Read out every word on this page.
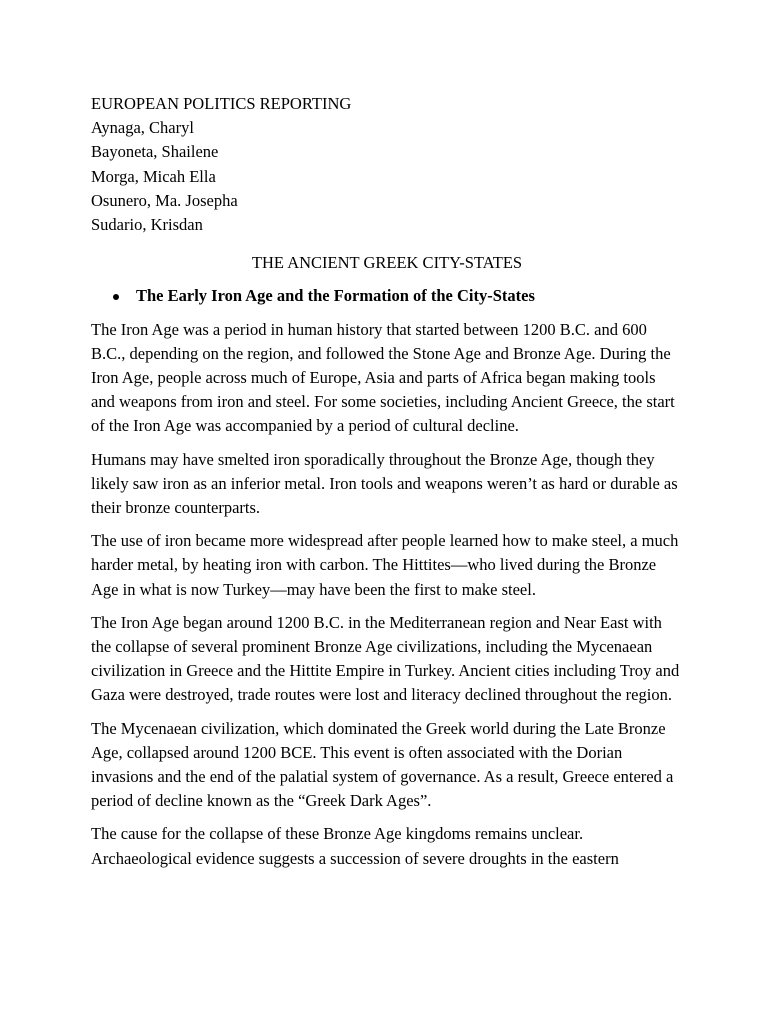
EUROPEAN POLITICS REPORTING

Aynaga, Charyl

Bayoneta, Shailene

Morga, Micah Ella

Osunero, Ma. Josepha

Sudario, Krisdan

THE ANCIENT GREEK CITY-STATES

The Early Iron Age and the Formation of the City-States

The Iron Age was a period in human history that started between 1200 B.C. and 600 B.C., depending on the region, and followed the Stone Age and Bronze Age. During the Iron Age, people across much of Europe, Asia and parts of Africa began making tools and weapons from iron and steel. For some societies, including Ancient Greece, the start of the Iron Age was accompanied by a period of cultural decline.

Humans may have smelted iron sporadically throughout the Bronze Age, though they likely saw iron as an inferior metal. Iron tools and weapons weren’t as hard or durable as their bronze counterparts.

The use of iron became more widespread after people learned how to make steel, a much harder metal, by heating iron with carbon. The Hittites—who lived during the Bronze Age in what is now Turkey—may have been the first to make steel.

The Iron Age began around 1200 B.C. in the Mediterranean region and Near East with the collapse of several prominent Bronze Age civilizations, including the Mycenaean civilization in Greece and the Hittite Empire in Turkey. Ancient cities including Troy and Gaza were destroyed, trade routes were lost and literacy declined throughout the region.

The Mycenaean civilization, which dominated the Greek world during the Late Bronze Age, collapsed around 1200 BCE. This event is often associated with the Dorian invasions and the end of the palatial system of governance. As a result, Greece entered a period of decline known as the “Greek Dark Ages”.

The cause for the collapse of these Bronze Age kingdoms remains unclear. Archaeological evidence suggests a succession of severe droughts in the eastern
